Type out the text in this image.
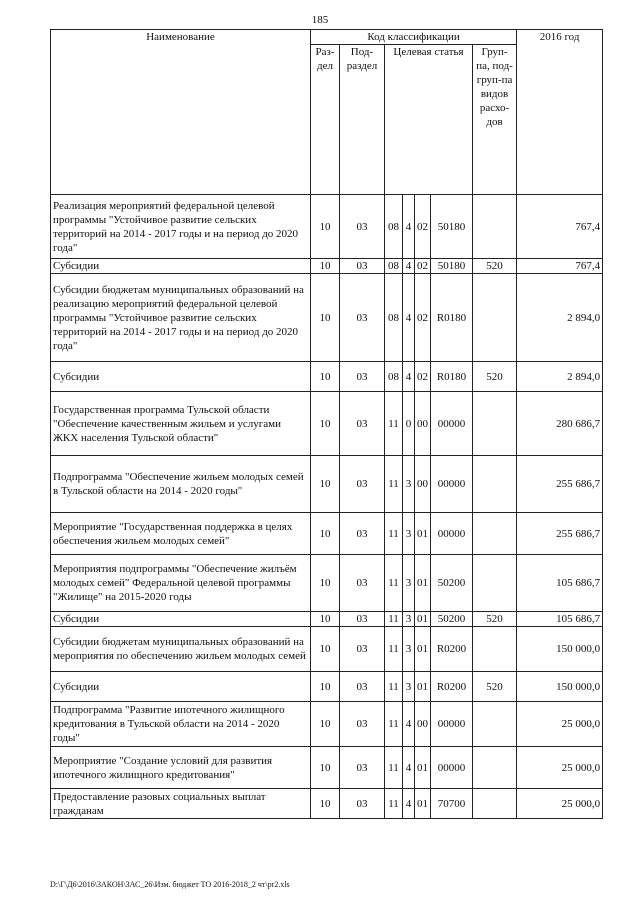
185
Наименование	Код классификации							2016 год
	Раз-дел	Под-раздел	Целевая статья				Груп-па, под-груп-па видов расхо-дов	
Реализация мероприятий федеральной целевой программы "Устойчивое развитие сельских территорий на 2014 - 2017 годы и на период до 2020 года"	10	03	08	4	02	50180		767,4
Субсидии	10	03	08	4	02	50180	520	767,4
Субсидии бюджетам муниципальных образований на реализацию мероприятий федеральной целевой программы "Устойчивое развитие сельских территорий на 2014 - 2017 годы и на период до 2020 года"	10	03	08	4	02	R0180		2 894,0
Субсидии	10	03	08	4	02	R0180	520	2 894,0
Государственная программа Тульской области "Обеспечение качественным жильем и услугами ЖКХ населения Тульской области"	10	03	11	0	00	00000		280 686,7
Подпрограмма "Обеспечение жильем молодых семей в Тульской области на 2014 - 2020 годы"	10	03	11	3	00	00000		255 686,7
Мероприятие "Государственная поддержка в целях обеспечения жильем молодых семей"	10	03	11	3	01	00000		255 686,7
Мероприятия подпрограммы "Обеспечение жилъём молодых семей" Федеральной целевой программы "Жилище" на 2015-2020 годы	10	03	11	3	01	50200		105 686,7
Субсидии	10	03	11	3	01	50200	520	105 686,7
Субсидии бюджетам муниципальных образований на мероприятия по обеспечению жильем молодых семей	10	03	11	3	01	R0200		150 000,0
Субсидии	10	03	11	3	01	R0200	520	150 000,0
Подпрограмма "Развитие ипотечного жилищного кредитования в Тульской области на 2014 - 2020 годы"	10	03	11	4	00	00000		25 000,0
Мероприятие "Создание условий для развития ипотечного жилищного кредитования"	10	03	11	4	01	00000		25 000,0
Предоставление разовых социальных выплат гражданам	10	03	11	4	01	70700		25 000,0
D:\Г\Д6\2016\ЗАКОН\ЗАС_26\Изм. бюджет ТО 2016-2018_2 чт\pr2.xls
